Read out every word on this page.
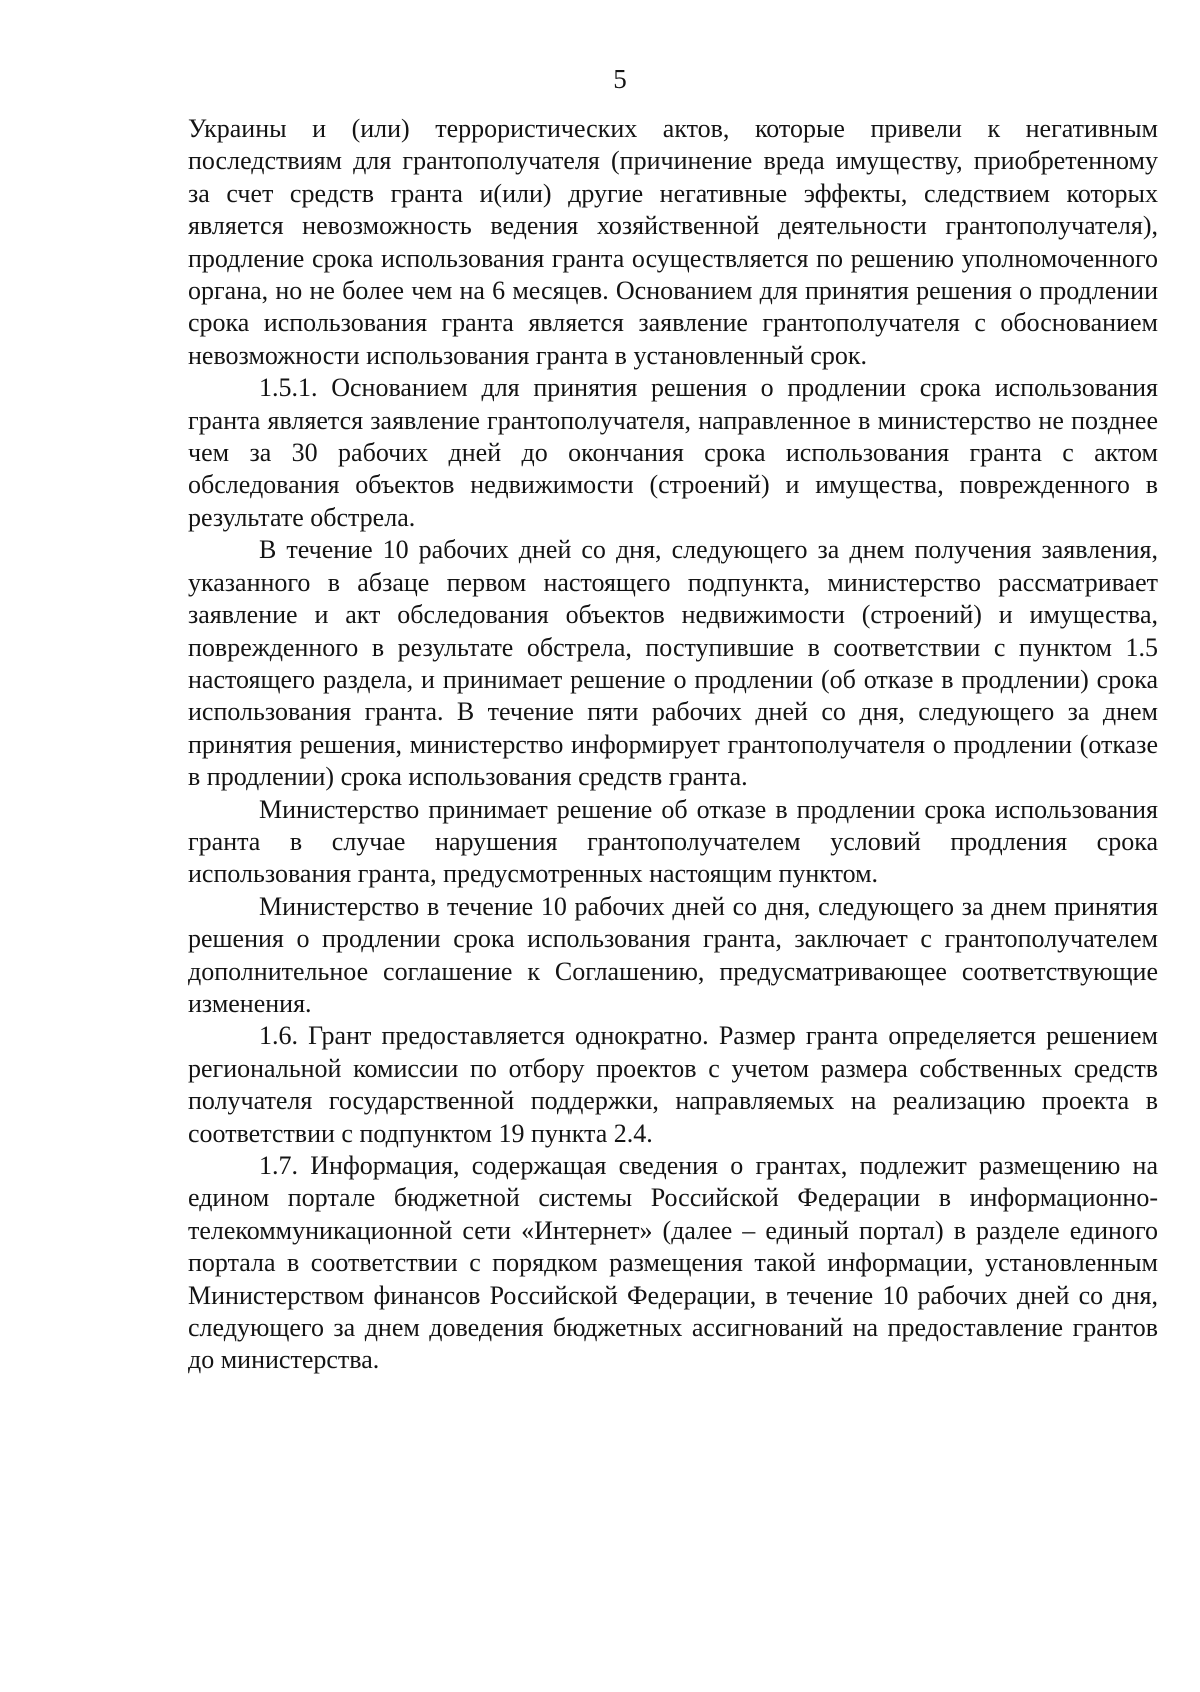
5

Украины и (или) террористических актов, которые привели к негативным последствиям для грантополучателя (причинение вреда имуществу, приобретенному за счет средств гранта и(или) другие негативные эффекты, следствием которых является невозможность ведения хозяйственной деятельности грантополучателя), продление срока использования гранта осуществляется по решению уполномоченного органа, но не более чем на 6 месяцев. Основанием для принятия решения о продлении срока использования гранта является заявление грантополучателя с обоснованием невозможности использования гранта в установленный срок.

1.5.1. Основанием для принятия решения о продлении срока использования гранта является заявление грантополучателя, направленное в министерство не позднее чем за 30 рабочих дней до окончания срока использования гранта с актом обследования объектов недвижимости (строений) и имущества, поврежденного в результате обстрела.

В течение 10 рабочих дней со дня, следующего за днем получения заявления, указанного в абзаце первом настоящего подпункта, министерство рассматривает заявление и акт обследования объектов недвижимости (строений) и имущества, поврежденного в результате обстрела, поступившие в соответствии с пунктом 1.5 настоящего раздела, и принимает решение о продлении (об отказе в продлении) срока использования гранта. В течение пяти рабочих дней со дня, следующего за днем принятия решения, министерство информирует грантополучателя о продлении (отказе в продлении) срока использования средств гранта.

Министерство принимает решение об отказе в продлении срока использования гранта в случае нарушения грантополучателем условий продления срока использования гранта, предусмотренных настоящим пунктом.

Министерство в течение 10 рабочих дней со дня, следующего за днем принятия решения о продлении срока использования гранта, заключает с грантополучателем дополнительное соглашение к Соглашению, предусматривающее соответствующие изменения.

1.6. Грант предоставляется однократно. Размер гранта определяется решением региональной комиссии по отбору проектов с учетом размера собственных средств получателя государственной поддержки, направляемых на реализацию проекта в соответствии с подпунктом 19 пункта 2.4.

1.7. Информация, содержащая сведения о грантах, подлежит размещению на едином портале бюджетной системы Российской Федерации в информационно-телекоммуникационной сети «Интернет» (далее – единый портал) в разделе единого портала в соответствии с порядком размещения такой информации, установленным Министерством финансов Российской Федерации, в течение 10 рабочих дней со дня, следующего за днем доведения бюджетных ассигнований на предоставление грантов до министерства.
